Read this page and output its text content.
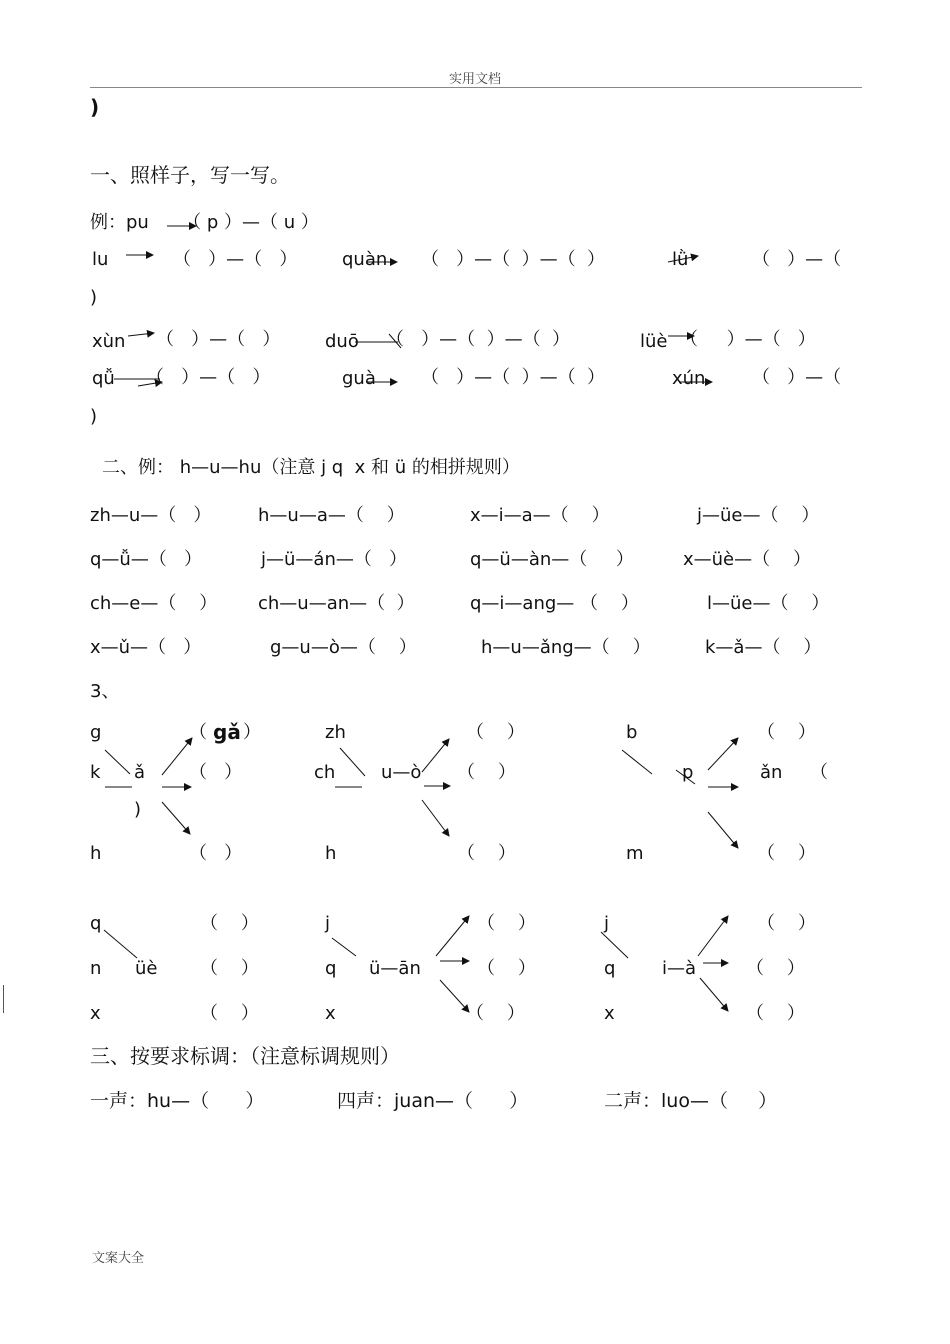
实用文档
)
一、照样子，写一写。
例：pu      （ p ）—（ u ）
lu	（   ）—（   ） quàn （   ）—（  ）—（  ）	lǜ	（   ）—（
)
xùn （   ）—（   ） duō （   ）—（  ）—（  ）	lüè （     ）—（   ）
qǚ （   ）—（   ）	guà	（   ）—（  ）—（  ）	xún	（   ）—（
)
二、例： h—u—hu（注意 j q  x 和 ü 的相拼规则）
zh—u—（   ）	h—u—a—（    ）	x—i—a—（    ）	j—üe—（    ）
q—ǚ—（   ）	j—ü—án—（   ）	q—ü—àn—（     ）	x—üè—（    ）
ch—e—（    ） ch—u—an—（  ）	q—i—ang— （    ）	l—üe—（    ）
x—ǔ—（   ）	g—u—ò—（    ）	h—u—ǎng—（    ）	k—ǎ—（    ）
3、
g
k
h
ǎ
（ gǎ ）
（   ）
（   ）
)
zh
ch
h
u—ò
（    ）
（    ）
（    ）
b
p
m
ǎn
（    ）
（
（    ）
q
n
x
üè
（    ）
（    ）
（    ）
j
q
x
ü—ān
（    ）
（    ）
（    ）
j
q
x
i—à
（    ）
（    ）
（    ）
三、按要求标调：（注意标调规则）
一声：hu—（      ）	四声：juan—（      ）	二声：luo—（     ）
文案大全
